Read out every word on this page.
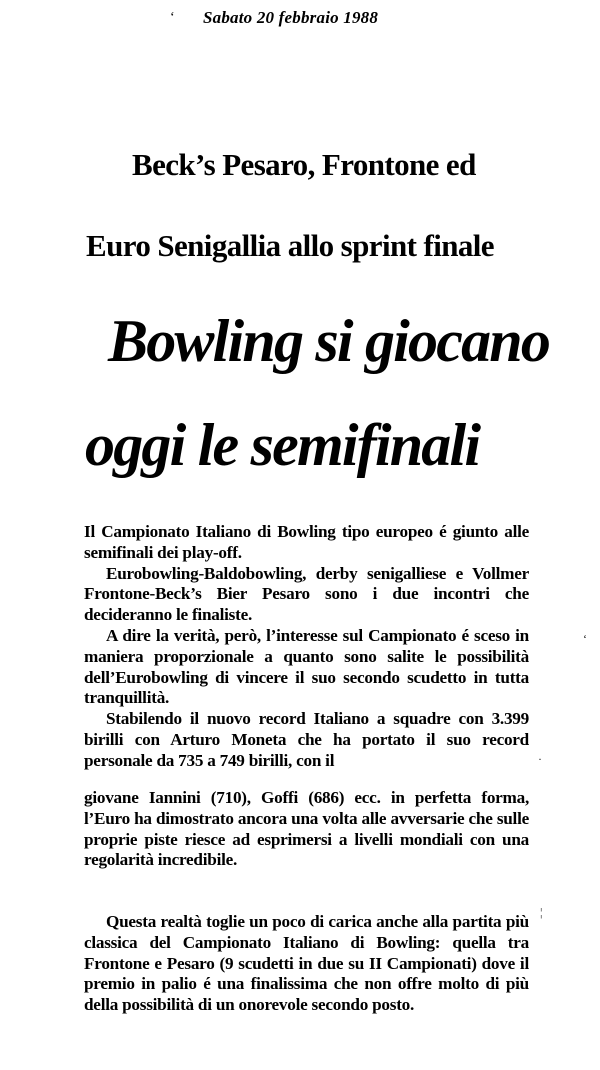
ʻ Sabato 20 febbraio 1988
Beck’s Pesaro, Frontone ed
Euro Senigallia allo sprint finale
Bowling si giocano
oggi le semifinali

Il Campionato Italiano di Bowling tipo europeo é giunto alle semifinali dei play-off.

Eurobowling-Baldobowling, derby senigalliese e Vollmer Frontone-Beck’s Bier Pesaro sono i due incontri che decideranno le finaliste.

A dire la verità, però, l’interesse sul Campionato é sceso in maniera proporzionale a quanto sono salite le possibilità dell’Eurobowling di vincere il suo secondo scudetto in tutta tranquillità.

Stabilendo il nuovo record Italiano a squadre con 3.399 birilli con Arturo Moneta che ha portato il suo record personale da 735 a 749 birilli, con il

giovane Iannini (710), Goffi (686) ecc. in perfetta forma, l’Euro ha dimostrato ancora una volta alle avversarie che sulle proprie piste riesce ad esprimersi a livelli mondiali con una regolarità incredibile.

Questa realtà toglie un poco di carica anche alla partita più classica del Campionato Italiano di Bowling: quella tra Frontone e Pesaro (9 scudetti in due su II Campionati) dove il premio in palio é una finalissima che non offre molto di più della possibilità di un onorevole secondo posto.

ʻ
·
¦
